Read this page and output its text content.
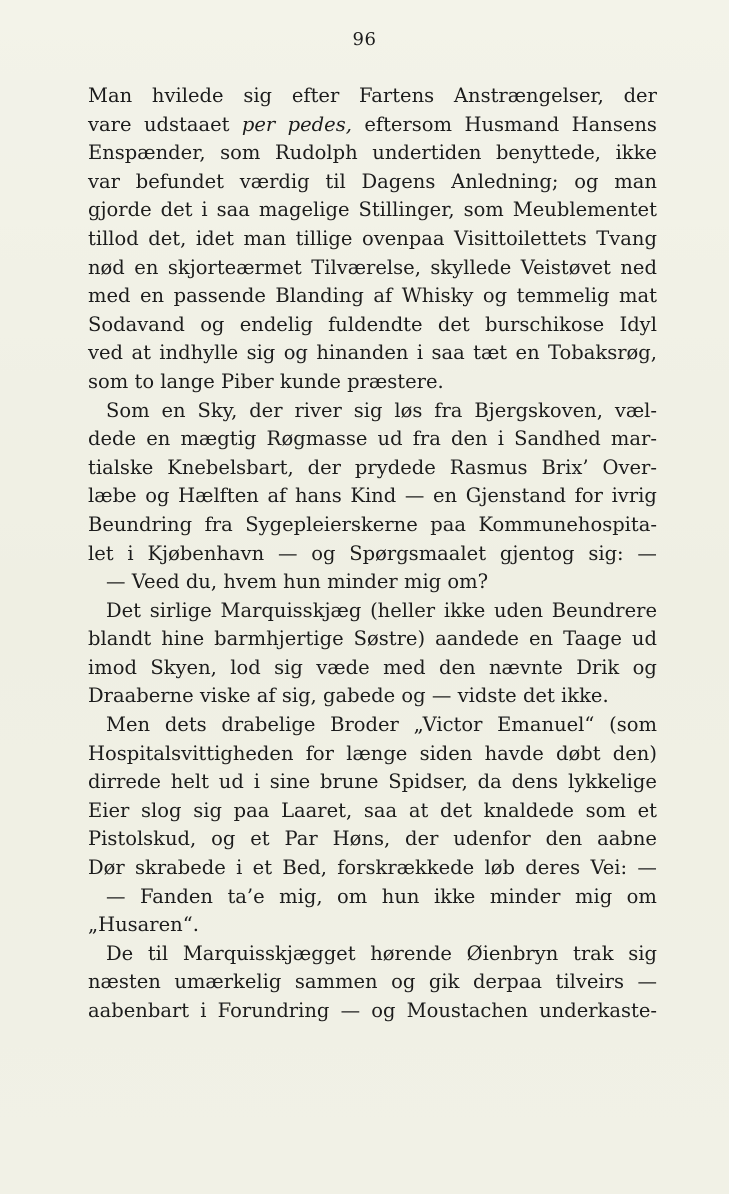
96
Man hvilede sig efter Fartens Anstrængelser, der
vare udstaaet per pedes, eftersom Husmand Hansens
Enspænder, som Rudolph undertiden benyttede, ikke
var befundet værdig til Dagens Anledning; og man
gjorde det i saa magelige Stillinger, som Meublementet
tillod det, idet man tillige ovenpaa Visittoilettets Tvang
nød en skjorteærmet Tilværelse, skyllede Veistøvet ned
med en passende Blanding af Whisky og temmelig mat
Sodavand og endelig fuldendte det burschikose Idyl
ved at indhylle sig og hinanden i saa tæt en Tobaksrøg,
som to lange Piber kunde præstere.
Som en Sky, der river sig løs fra Bjergskoven, væl-
dede en mægtig Røgmasse ud fra den i Sandhed mar-
tialske Knebelsbart, der prydede Rasmus Brix’ Over-
læbe og Hælften af hans Kind — en Gjenstand for ivrig
Beundring fra Sygepleierskerne paa Kommunehospita-
let i Kjøbenhavn — og Spørgsmaalet gjentog sig: —
— Veed du, hvem hun minder mig om?
Det sirlige Marquisskjæg (heller ikke uden Beundrere
blandt hine barmhjertige Søstre) aandede en Taage ud
imod Skyen, lod sig væde med den nævnte Drik og
Draaberne viske af sig, gabede og — vidste det ikke.
Men dets drabelige Broder „Victor Emanuel“ (som
Hospitalsvittigheden for længe siden havde døbt den)
dirrede helt ud i sine brune Spidser, da dens lykkelige
Eier slog sig paa Laaret, saa at det knaldede som et
Pistolskud, og et Par Høns, der udenfor den aabne
Dør skrabede i et Bed, forskrækkede løb deres Vei: —
— Fanden ta’e mig, om hun ikke minder mig om
„Husaren“.
De til Marquisskjægget hørende Øienbryn trak sig
næsten umærkelig sammen og gik derpaa tilveirs —
aabenbart i Forundring — og Moustachen underkaste-
